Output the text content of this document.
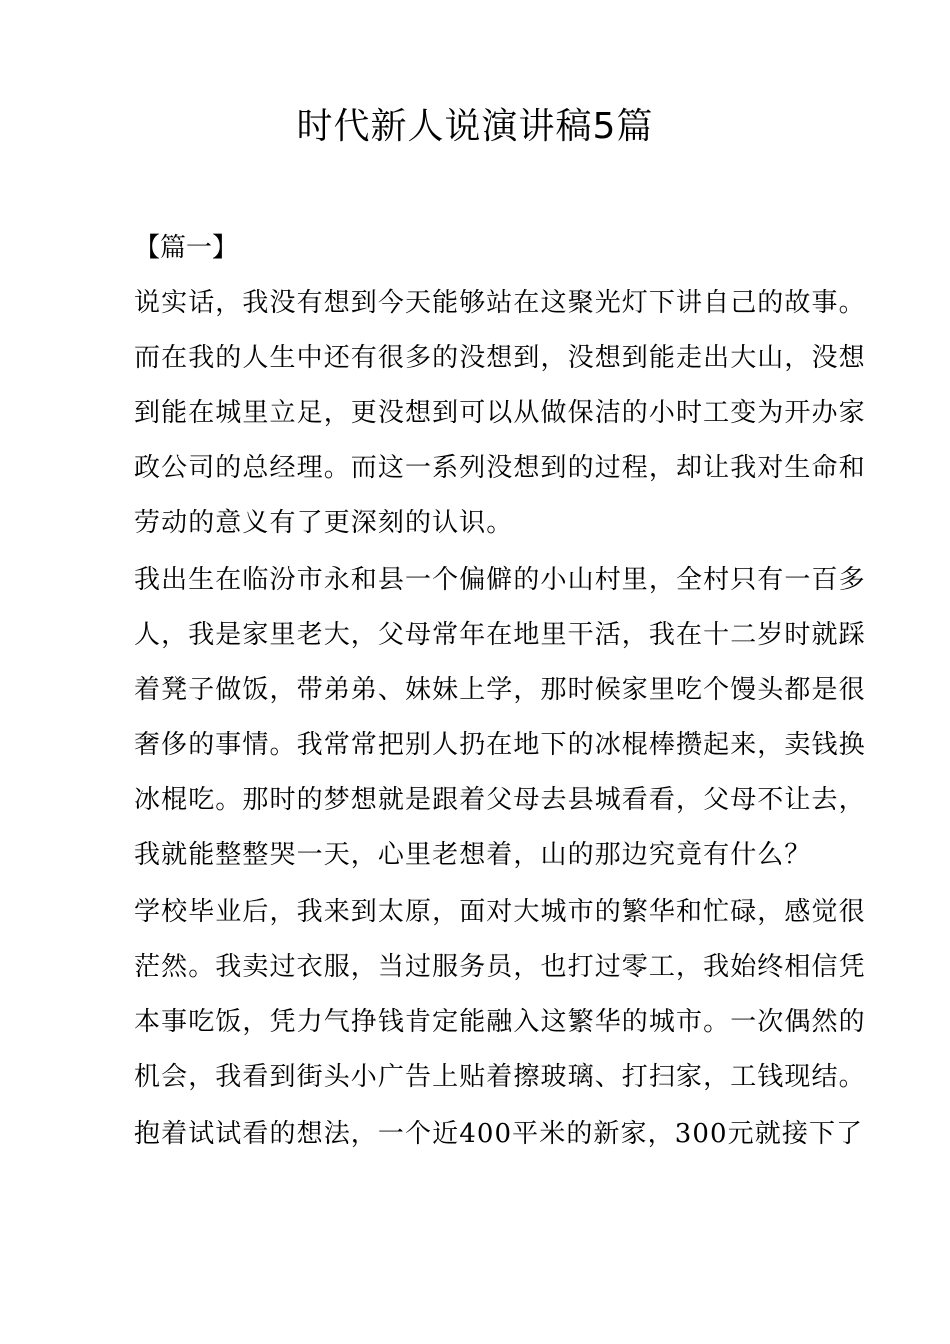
时代新人说演讲稿5篇
【篇一】
说实话，我没有想到今天能够站在这聚光灯下讲自己的故事。
而在我的人生中还有很多的没想到，没想到能走出大山，没想
到能在城里立足，更没想到可以从做保洁的小时工变为开办家
政公司的总经理。而这一系列没想到的过程，却让我对生命和
劳动的意义有了更深刻的认识。
我出生在临汾市永和县一个偏僻的小山村里，全村只有一百多
人，我是家里老大，父母常年在地里干活，我在十二岁时就踩
着凳子做饭，带弟弟、妹妹上学，那时候家里吃个馒头都是很
奢侈的事情。我常常把别人扔在地下的冰棍棒攒起来，卖钱换
冰棍吃。那时的梦想就是跟着父母去县城看看，父母不让去，
我就能整整哭一天，心里老想着，山的那边究竟有什么？
学校毕业后，我来到太原，面对大城市的繁华和忙碌，感觉很
茫然。我卖过衣服，当过服务员，也打过零工，我始终相信凭
本事吃饭，凭力气挣钱肯定能融入这繁华的城市。一次偶然的
机会，我看到街头小广告上贴着擦玻璃、打扫家，工钱现结。
抱着试试看的想法，一个近400平米的新家，300元就接下了
